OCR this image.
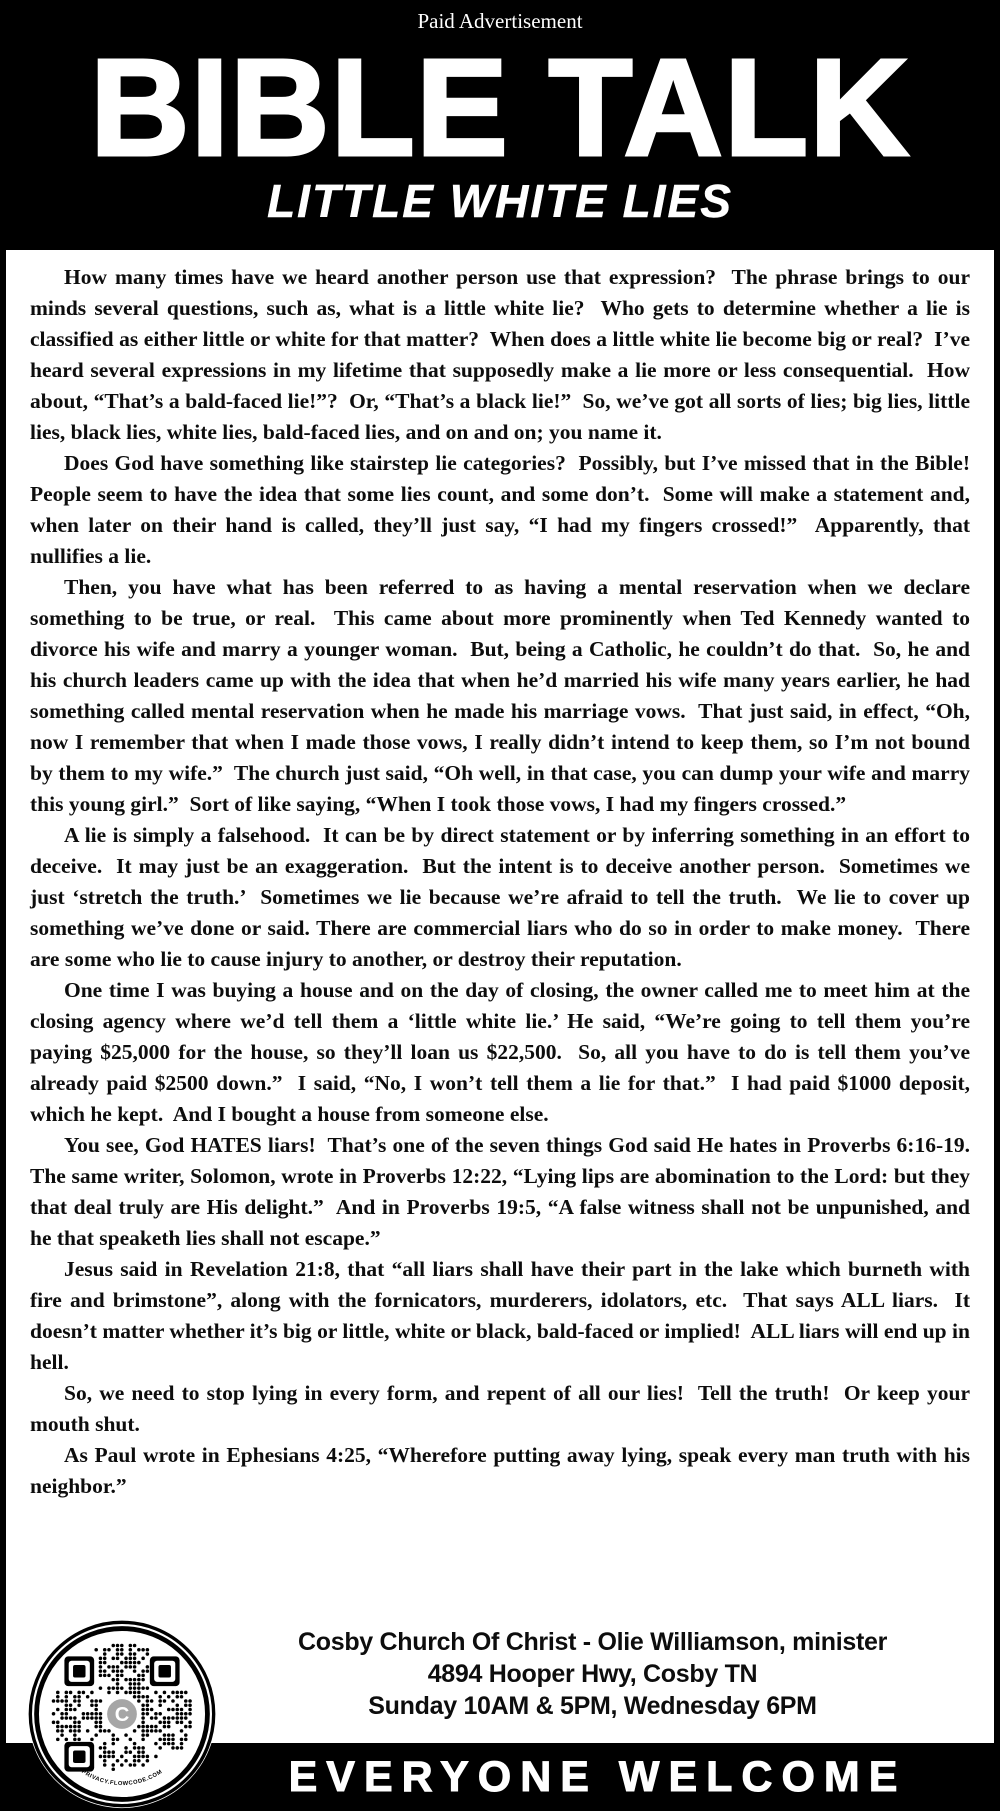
Paid Advertisement
BIBLE TALK
LITTLE WHITE LIES

How many times have we heard another person use that expression?  The phrase brings to our minds several questions, such as, what is a little white lie?  Who gets to determine whether a lie is classified as either little or white for that matter?  When does a little white lie become big or real?  I’ve heard several expressions in my lifetime that supposedly make a lie more or less consequential.  How about, “That’s a bald-faced lie!”?  Or, “That’s a black lie!”  So, we’ve got all sorts of lies; big lies, little lies, black lies, white lies, bald-faced lies, and on and on; you name it.

Does God have something like stairstep lie categories?  Possibly, but I’ve missed that in the Bible!  People seem to have the idea that some lies count, and some don’t.  Some will make a statement and, when later on their hand is called, they’ll just say, “I had my fingers crossed!”  Apparently, that nullifies a lie.

Then, you have what has been referred to as having a mental reservation when we declare something to be true, or real.  This came about more prominently when Ted Kennedy wanted to divorce his wife and marry a younger woman.  But, being a Catholic, he couldn’t do that.  So, he and his church leaders came up with the idea that when he’d married his wife many years earlier, he had something called mental reservation when he made his marriage vows.  That just said, in effect, “Oh, now I remember that when I made those vows, I really didn’t intend to keep them, so I’m not bound by them to my wife.”  The church just said, “Oh well, in that case, you can dump your wife and marry this young girl.”  Sort of like saying, “When I took those vows, I had my fingers crossed.”

A lie is simply a falsehood.  It can be by direct statement or by inferring something in an effort to deceive.  It may just be an exaggeration.  But the intent is to deceive another person.  Sometimes we just ‘stretch the truth.’  Sometimes we lie because we’re afraid to tell the truth.  We lie to cover up something we’ve done or said. There are commercial liars who do so in order to make money.  There are some who lie to cause injury to another, or destroy their reputation.

One time I was buying a house and on the day of closing, the owner called me to meet him at the closing agency where we’d tell them a ‘little white lie.’ He said, “We’re going to tell them you’re paying $25,000 for the house, so they’ll loan us $22,500.  So, all you have to do is tell them you’ve already paid $2500 down.”  I said, “No, I won’t tell them a lie for that.”  I had paid $1000 deposit, which he kept.  And I bought a house from someone else.

You see, God HATES liars!  That’s one of the seven things God said He hates in Proverbs 6:16-19.  The same writer, Solomon, wrote in Proverbs 12:22, “Lying lips are abomination to the Lord: but they that deal truly are His delight.”  And in Proverbs 19:5, “A false witness shall not be unpunished, and he that speaketh lies shall not escape.”

Jesus said in Revelation 21:8, that “all liars shall have their part in the lake which burneth with fire and brimstone”, along with the fornicators, murderers, idolators, etc.  That says ALL liars.  It doesn’t matter whether it’s big or little, white or black, bald-faced or implied!  ALL liars will end up in hell.

So, we need to stop lying in every form, and repent of all our lies!  Tell the truth!  Or keep your mouth shut.

As Paul wrote in Ephesians 4:25, “Wherefore putting away lying, speak every man truth with his neighbor.”

Cosby Church Of Christ - Olie Williamson, minister
4894 Hooper Hwy, Cosby TN
Sunday 10AM & 5PM, Wednesday 6PM
EVERYONE WELCOME
C
PRIVACY.FLOWCODE.COM
